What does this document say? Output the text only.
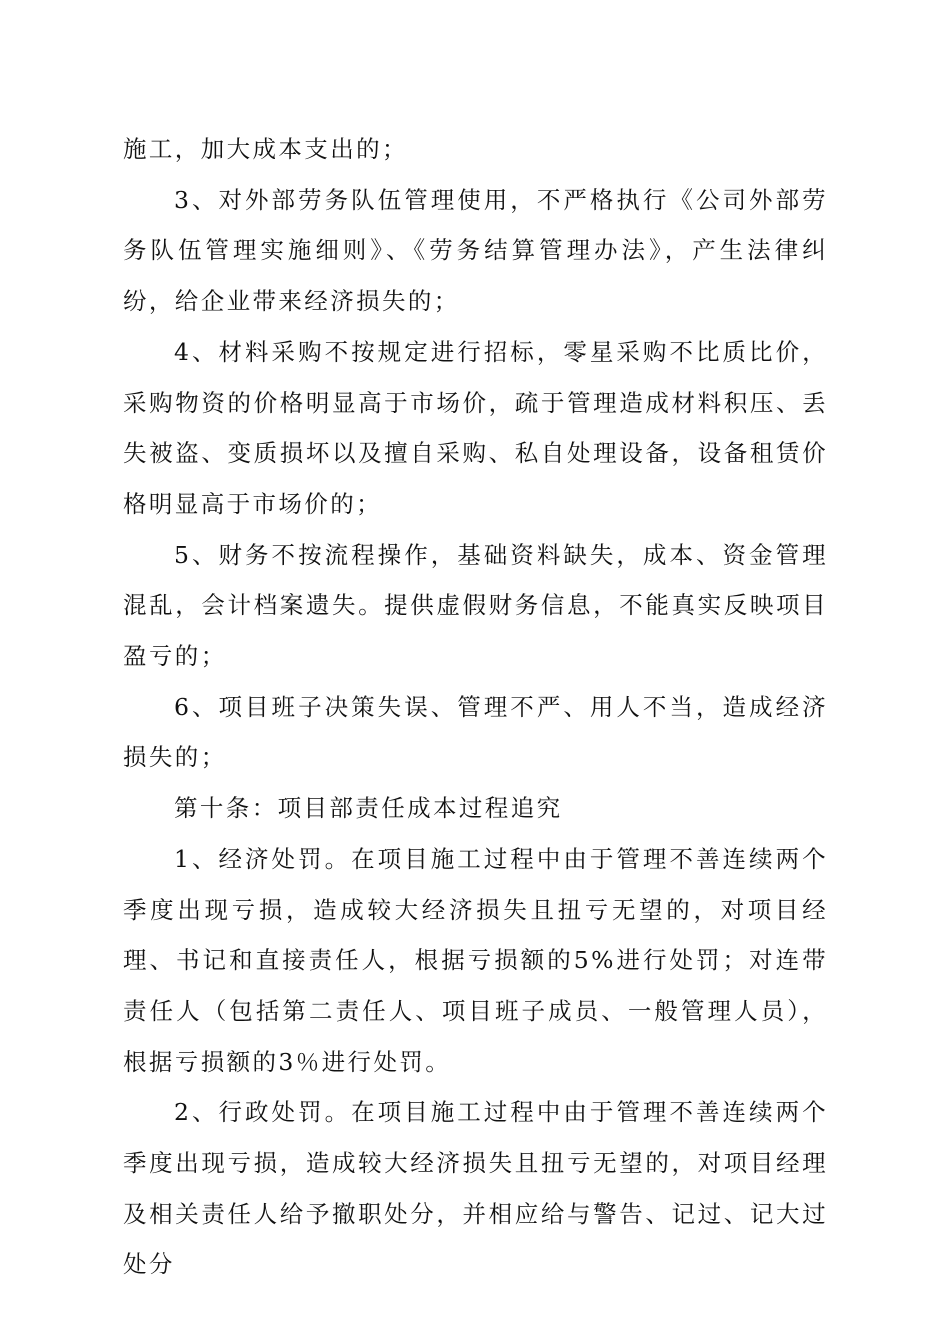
施工，加大成本支出的；

3、对外部劳务队伍管理使用，不严格执行《公司外部劳务队伍管理实施细则》、《劳务结算管理办法》，产生法律纠纷，给企业带来经济损失的；

4、材料采购不按规定进行招标，零星采购不比质比价，采购物资的价格明显高于市场价，疏于管理造成材料积压、丢失被盗、变质损坏以及擅自采购、私自处理设备，设备租赁价格明显高于市场价的；

5、财务不按流程操作，基础资料缺失，成本、资金管理混乱，会计档案遗失。提供虚假财务信息，不能真实反映项目盈亏的；

6、项目班子决策失误、管理不严、用人不当，造成经济损失的；

第十条：项目部责任成本过程追究

1、经济处罚。在项目施工过程中由于管理不善连续两个季度出现亏损，造成较大经济损失且扭亏无望的，对项目经理、书记和直接责任人，根据亏损额的5%进行处罚；对连带责任人（包括第二责任人、项目班子成员、一般管理人员），根据亏损额的3％进行处罚。

2、行政处罚。在项目施工过程中由于管理不善连续两个季度出现亏损，造成较大经济损失且扭亏无望的，对项目经理及相关责任人给予撤职处分，并相应给与警告、记过、记大过处分
